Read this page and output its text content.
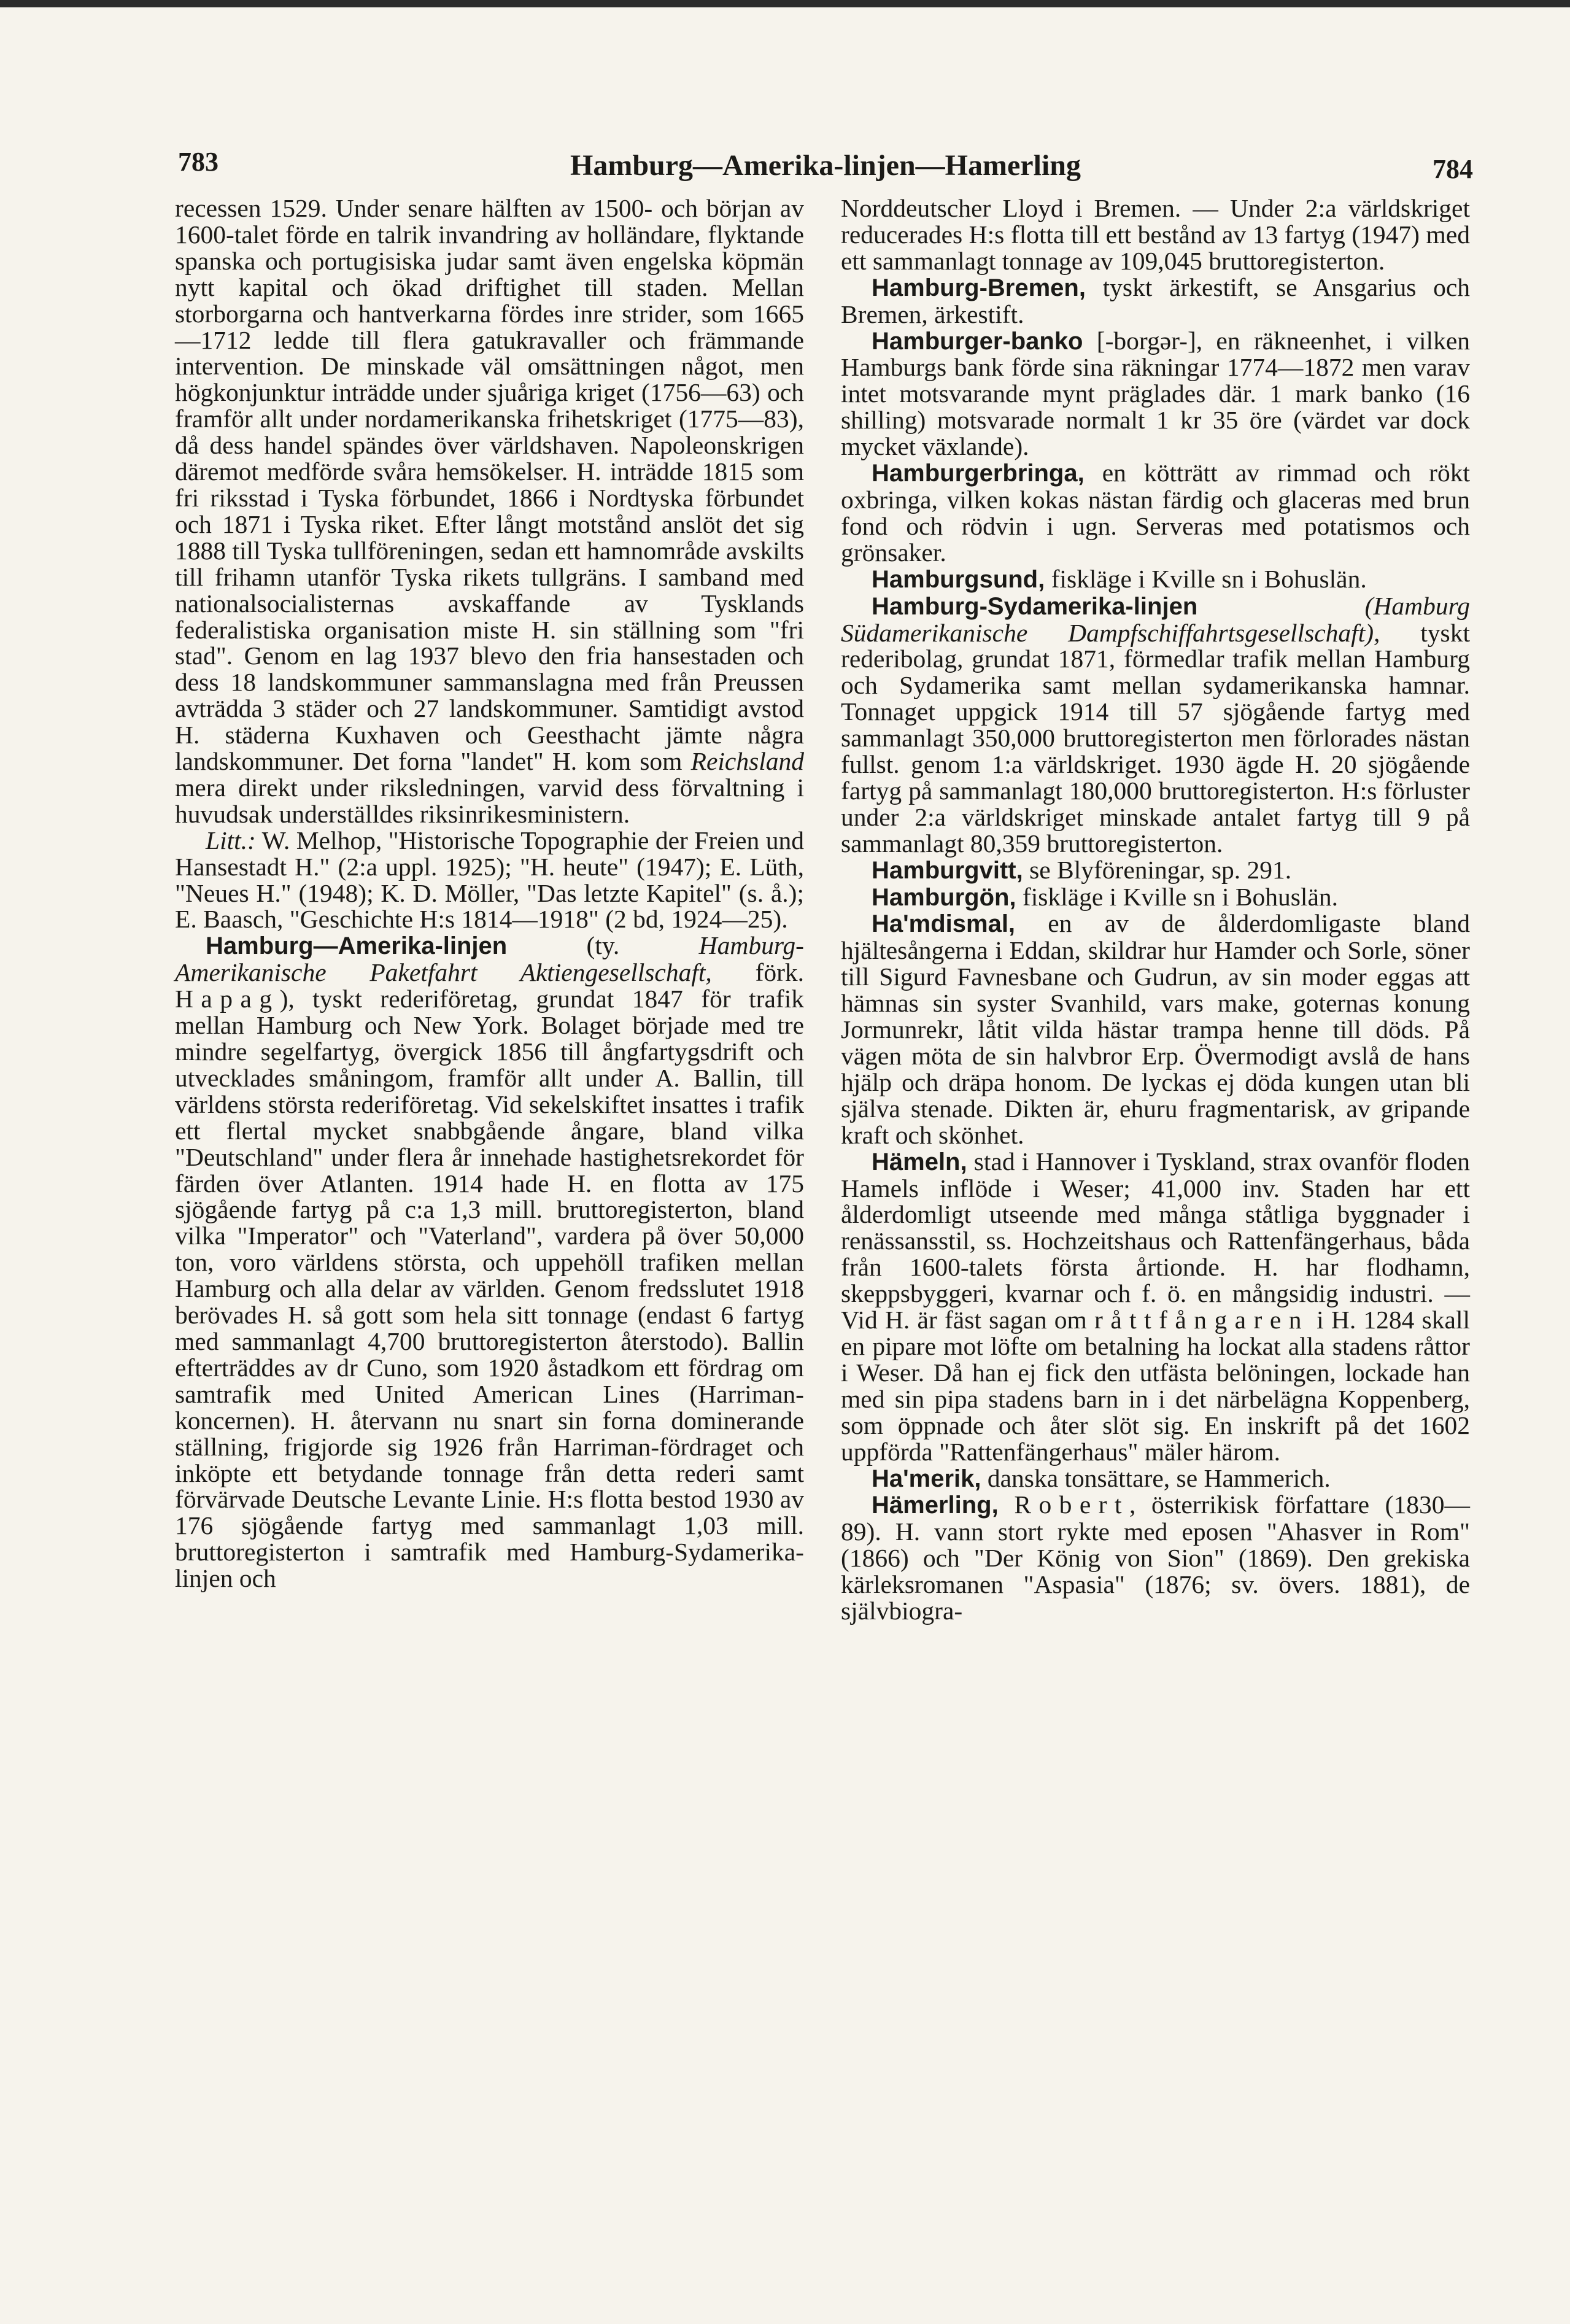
783	Hamburg—Amerika-linjen—Hamerling	784

recessen 1529. Under senare hälften av 1500- och början av 1600-talet förde en talrik invandring av holländare, flyktande spanska och portugisiska judar samt även engelska köpmän nytt kapital och ökad driftighet till staden. Mellan storborgarna och hantverkarna fördes inre strider, som 1665—1712 ledde till flera gatukravaller och främmande intervention. De minskade väl omsättningen något, men högkonjunktur inträdde under sjuåriga kriget (1756—63) och framför allt under nordamerikanska frihetskriget (1775—83), då dess handel spändes över världshaven. Napoleonskrigen däremot medförde svåra hemsökelser. H. inträdde 1815 som fri riksstad i Tyska förbundet, 1866 i Nordtyska förbundet och 1871 i Tyska riket. Efter långt motstånd anslöt det sig 1888 till Tyska tullföreningen, sedan ett hamnområde avskilts till frihamn utanför Tyska rikets tullgräns. I samband med nationalsocialisternas avskaffande av Tysklands federalistiska organisation miste H. sin ställning som "fri stad". Genom en lag 1937 blevo den fria hansestaden och dess 18 landskommuner sammanslagna med från Preussen avträdda 3 städer och 27 landskommuner. Samtidigt avstod H. städerna Kuxhaven och Geesthacht jämte några landskommuner. Det forna "landet" H. kom som Reichsland mera direkt under riksledningen, varvid dess förvaltning i huvudsak underställdes riksinrikesministern.

Litt.: W. Melhop, "Historische Topographie der Freien und Hansestadt H." (2:a uppl. 1925); "H. heute" (1947); E. Lüth, "Neues H." (1948); K. D. Möller, "Das letzte Kapitel" (s. å.); E. Baasch, "Geschichte H:s 1814—1918" (2 bd, 1924—25).

Hamburg—Amerika-linjen	(ty.	Hamburg-Amerikanische Paketfahrt Aktiengesellschaft, förk. Hapag), tyskt rederiföretag, grundat 1847 för trafik mellan Hamburg och New York. Bolaget började med tre mindre segelfartyg, övergick 1856 till ångfartygsdrift och utvecklades småningom, framför allt under A. Ballin, till världens största rederiföretag. Vid sekelskiftet insattes i trafik ett flertal mycket snabbgående ångare, bland vilka "Deutschland" under flera år innehade hastighetsrekordet för färden över Atlanten. 1914 hade H. en flotta av 175 sjögående fartyg på c:a 1,3 mill. bruttoregisterton, bland vilka "Imperator" och "Vaterland", vardera på över 50,000 ton, voro världens största, och uppehöll trafiken mellan Hamburg och alla delar av världen. Genom fredsslutet 1918 berövades H. så gott som hela sitt tonnage (endast 6 fartyg med sammanlagt 4,700 bruttoregisterton återstodo). Ballin efterträddes av dr Cuno, som 1920 åstadkom ett fördrag om samtrafik med United American Lines (Harriman-koncernen). H. återvann nu snart sin forna dominerande ställning, frigjorde sig 1926 från Harriman-fördraget och inköpte ett betydande tonnage från detta rederi samt förvärvade Deutsche Levante Linie. H:s flotta bestod 1930 av 176 sjögående fartyg med sammanlagt 1,03 mill. bruttoregisterton i samtrafik med Hamburg-Sydamerika-linjen och

Norddeutscher Lloyd i Bremen. — Under 2:a världskriget reducerades H:s flotta till ett bestånd av 13 fartyg (1947) med ett sammanlagt tonnage av 109,045 bruttoregisterton.

Hamburg-Bremen, tyskt ärkestift, se Ansgarius och Bremen, ärkestift.

Hamburger-banko [-borgər-], en räkneenhet, i vilken Hamburgs bank förde sina räkningar 1774—1872 men varav intet motsvarande mynt präglades där. 1 mark banko (16 shilling) motsvarade normalt 1 kr 35 öre (värdet var dock mycket växlande).

Hamburgerbringa, en kötträtt av rimmad och rökt oxbringa, vilken kokas nästan färdig och glaceras med brun fond och rödvin i ugn. Serveras med potatismos och grönsaker.

Hamburgsund, fiskläge i Kville sn i Bohuslän.

Hamburg-Sydamerika-linjen	(Hamburg Südamerikanische Dampfschiffahrtsgesellschaft), tyskt rederibolag, grundat 1871, förmedlar trafik mellan Hamburg och Sydamerika samt mellan sydamerikanska hamnar. Tonnaget uppgick 1914 till 57 sjögående fartyg med sammanlagt 350,000 bruttoregisterton men förlorades nästan fullst. genom 1:a världskriget. 1930 ägde H. 20 sjögående fartyg på sammanlagt 180,000 bruttoregisterton. H:s förluster under 2:a världskriget minskade antalet fartyg till 9 på sammanlagt 80,359 bruttoregisterton.

Hamburgvitt, se Blyföreningar, sp. 291.

Hamburgön, fiskläge i Kville sn i Bohuslän.

Ha'mdismal, en av de ålderdomligaste bland hjältesångerna i Eddan, skildrar hur Hamder och Sorle, söner till Sigurd Favnesbane och Gudrun, av sin moder eggas att hämnas sin syster Svanhild, vars make, goternas konung Jormunrekr, låtit vilda hästar trampa henne till döds. På vägen möta de sin halvbror Erp. Övermodigt avslå de hans hjälp och dräpa honom. De lyckas ej döda kungen utan bli själva stenade. Dikten är, ehuru fragmentarisk, av gripande kraft och skönhet.

Hämeln, stad i Hannover i Tyskland, strax ovanför floden Hamels inflöde i Weser; 41,000 inv. Staden har ett ålderdomligt utseende med många ståtliga byggnader i renässansstil, ss. Hochzeitshaus och Rattenfängerhaus, båda från 1600-talets första årtionde. H. har flodhamn, skeppsbyggeri, kvarnar och f. ö. en mångsidig industri. — Vid H. är fäst sagan om råttfångaren i H. 1284 skall en pipare mot löfte om betalning ha lockat alla stadens råttor i Weser. Då han ej fick den utfästa belöningen, lockade han med sin pipa stadens barn in i det närbelägna Koppenberg, som öppnade och åter slöt sig. En inskrift på det 1602 uppförda "Rattenfängerhaus" mäler härom.

Ha'merik, danska tonsättare, se Hammerich.

Hämerling, Robert, österrikisk författare (1830—89). H. vann stort rykte med eposen "Ahasver in Rom" (1866) och "Der König von Sion" (1869). Den grekiska kärleksromanen "Aspasia" (1876; sv. övers. 1881), de självbiogra-
